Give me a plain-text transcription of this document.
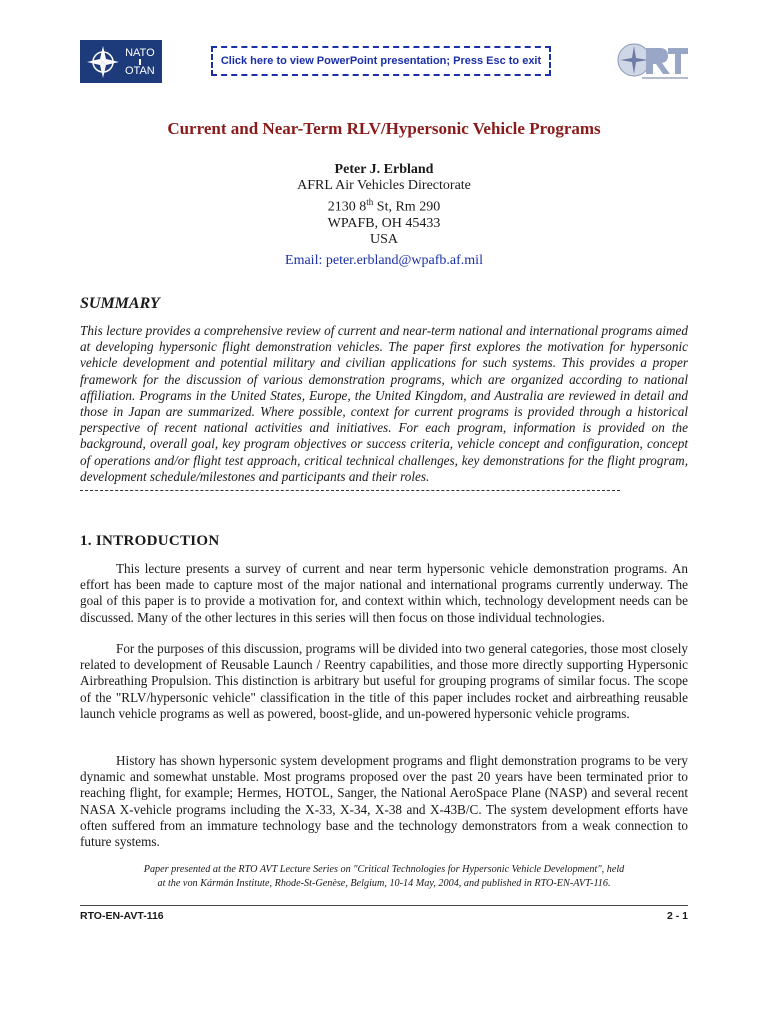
NATO
OTAN
Click here to view PowerPoint presentation; Press Esc to exit
Current and Near-Term RLV/Hypersonic Vehicle Programs
Peter J. Erbland
AFRL Air Vehicles Directorate
2130 8th St, Rm 290
WPAFB, OH 45433
USA
Email: peter.erbland@wpafb.af.mil
SUMMARY
This lecture provides a comprehensive review of current and near-term national and international programs aimed at developing hypersonic flight demonstration vehicles. The paper first explores the motivation for hypersonic vehicle development and potential military and civilian applications for such systems. This provides a proper framework for the discussion of various demonstration programs, which are organized according to national affiliation. Programs in the United States, Europe, the United Kingdom, and Australia are reviewed in detail and those in Japan are summarized. Where possible, context for current programs is provided through a historical perspective of recent national activities and initiatives. For each program, information is provided on the background, overall goal, key program objectives or success criteria, vehicle concept and configuration, concept of operations and/or flight test approach, critical technical challenges, key demonstrations for the flight program, development schedule/milestones and participants and their roles.
1. INTRODUCTION
This lecture presents a survey of current and near term hypersonic vehicle demonstration programs. An effort has been made to capture most of the major national and international programs currently underway. The goal of this paper is to provide a motivation for, and context within which, technology development needs can be discussed. Many of the other lectures in this series will then focus on those individual technologies.
For the purposes of this discussion, programs will be divided into two general categories, those most closely related to development of Reusable Launch / Reentry capabilities, and those more directly supporting Hypersonic Airbreathing Propulsion. This distinction is arbitrary but useful for grouping programs of similar focus. The scope of the "RLV/hypersonic vehicle" classification in the title of this paper includes rocket and airbreathing reusable launch vehicle programs as well as powered, boost-glide, and un-powered hypersonic vehicle programs.
History has shown hypersonic system development programs and flight demonstration programs to be very dynamic and somewhat unstable. Most programs proposed over the past 20 years have been terminated prior to reaching flight, for example; Hermes, HOTOL, Sanger, the National AeroSpace Plane (NASP) and several recent NASA X-vehicle programs including the X-33, X-34, X-38 and X-43B/C. The system development efforts have often suffered from an immature technology base and the technology demonstrators from a weak connection to future systems.
Paper presented at the RTO AVT Lecture Series on "Critical Technologies for Hypersonic Vehicle Development", held
at the von Kármán Institute, Rhode-St-Genèse, Belgium, 10-14 May, 2004, and published in RTO-EN-AVT-116.
RTO-EN-AVT-116	2 - 1
